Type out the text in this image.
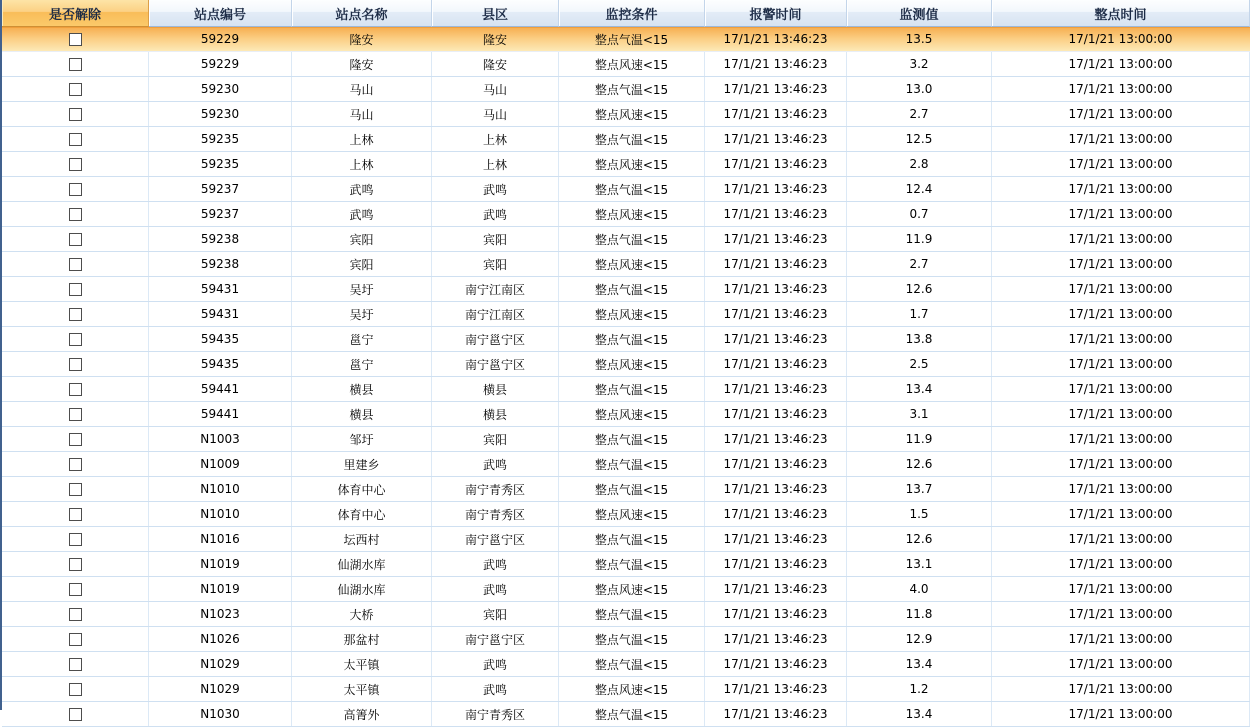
是否解除	站点编号	站点名称	县区	监控条件	报警时间	监测值	整点时间
59229	隆安	隆安	整点气温<15	17/1/21 13:46:23	13.5	17/1/21 13:00:00
59229	隆安	隆安	整点风速<15	17/1/21 13:46:23	3.2	17/1/21 13:00:00
59230	马山	马山	整点气温<15	17/1/21 13:46:23	13.0	17/1/21 13:00:00
59230	马山	马山	整点风速<15	17/1/21 13:46:23	2.7	17/1/21 13:00:00
59235	上林	上林	整点气温<15	17/1/21 13:46:23	12.5	17/1/21 13:00:00
59235	上林	上林	整点风速<15	17/1/21 13:46:23	2.8	17/1/21 13:00:00
59237	武鸣	武鸣	整点气温<15	17/1/21 13:46:23	12.4	17/1/21 13:00:00
59237	武鸣	武鸣	整点风速<15	17/1/21 13:46:23	0.7	17/1/21 13:00:00
59238	宾阳	宾阳	整点气温<15	17/1/21 13:46:23	11.9	17/1/21 13:00:00
59238	宾阳	宾阳	整点风速<15	17/1/21 13:46:23	2.7	17/1/21 13:00:00
59431	吴圩	南宁江南区	整点气温<15	17/1/21 13:46:23	12.6	17/1/21 13:00:00
59431	吴圩	南宁江南区	整点风速<15	17/1/21 13:46:23	1.7	17/1/21 13:00:00
59435	邕宁	南宁邕宁区	整点气温<15	17/1/21 13:46:23	13.8	17/1/21 13:00:00
59435	邕宁	南宁邕宁区	整点风速<15	17/1/21 13:46:23	2.5	17/1/21 13:00:00
59441	横县	横县	整点气温<15	17/1/21 13:46:23	13.4	17/1/21 13:00:00
59441	横县	横县	整点风速<15	17/1/21 13:46:23	3.1	17/1/21 13:00:00
N1003	邹圩	宾阳	整点气温<15	17/1/21 13:46:23	11.9	17/1/21 13:00:00
N1009	里建乡	武鸣	整点气温<15	17/1/21 13:46:23	12.6	17/1/21 13:00:00
N1010	体育中心	南宁青秀区	整点气温<15	17/1/21 13:46:23	13.7	17/1/21 13:00:00
N1010	体育中心	南宁青秀区	整点风速<15	17/1/21 13:46:23	1.5	17/1/21 13:00:00
N1016	坛西村	南宁邕宁区	整点气温<15	17/1/21 13:46:23	12.6	17/1/21 13:00:00
N1019	仙湖水库	武鸣	整点气温<15	17/1/21 13:46:23	13.1	17/1/21 13:00:00
N1019	仙湖水库	武鸣	整点风速<15	17/1/21 13:46:23	4.0	17/1/21 13:00:00
N1023	大桥	宾阳	整点气温<15	17/1/21 13:46:23	11.8	17/1/21 13:00:00
N1026	那盆村	南宁邕宁区	整点气温<15	17/1/21 13:46:23	12.9	17/1/21 13:00:00
N1029	太平镇	武鸣	整点气温<15	17/1/21 13:46:23	13.4	17/1/21 13:00:00
N1029	太平镇	武鸣	整点风速<15	17/1/21 13:46:23	1.2	17/1/21 13:00:00
N1030	高箐外	南宁青秀区	整点气温<15	17/1/21 13:46:23	13.4	17/1/21 13:00:00
